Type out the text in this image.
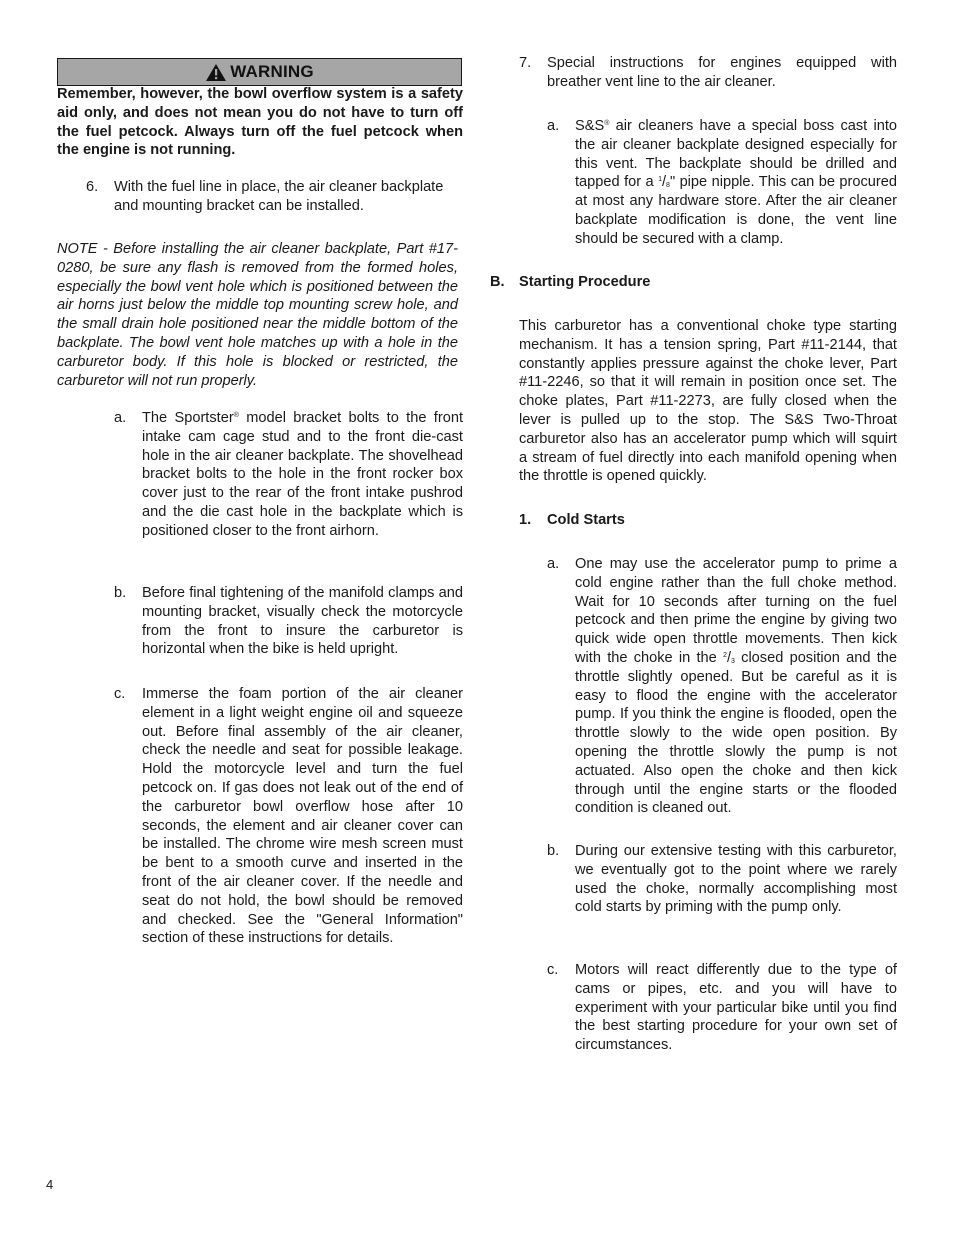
WARNING

Remember, however, the bowl overflow system is a safety aid only, and does not mean you do not have to turn off the fuel petcock. Always turn off the fuel petcock when the engine is not running.

6. With the fuel line in place, the air cleaner backplate and mounting bracket can be installed.

NOTE - Before installing the air cleaner backplate, Part #17-0280, be sure any flash is removed from the formed holes, especially the bowl vent hole which is positioned between the air horns just below the middle top mounting screw hole, and the small drain hole positioned near the middle bottom of the backplate. The bowl vent hole matches up with a hole in the carburetor body. If this hole is blocked or restricted, the carburetor will not run properly.

a. The Sportster® model bracket bolts to the front intake cam cage stud and to the front die-cast hole in the air cleaner backplate. The shovelhead bracket bolts to the hole in the front rocker box cover just to the rear of the front intake pushrod and the die cast hole in the backplate which is positioned closer to the front airhorn.

b. Before final tightening of the manifold clamps and mounting bracket, visually check the motorcycle from the front to insure the carburetor is horizontal when the bike is held upright.

c. Immerse the foam portion of the air cleaner element in a light weight engine oil and squeeze out. Before final assembly of the air cleaner, check the needle and seat for possible leakage. Hold the motorcycle level and turn the fuel petcock on. If gas does not leak out of the end of the carburetor bowl overflow hose after 10 seconds, the element and air cleaner cover can be installed. The chrome wire mesh screen must be bent to a smooth curve and inserted in the front of the air cleaner cover. If the needle and seat do not hold, the bowl should be removed and checked. See the "General Information" section of these instructions for details.

7. Special instructions for engines equipped with breather vent line to the air cleaner.

a. S&S® air cleaners have a special boss cast into the air cleaner backplate designed especially for this vent. The backplate should be drilled and tapped for a $^1/_8$" pipe nipple. This can be procured at most any hardware store. After the air cleaner backplate modification is done, the vent line should be secured with a clamp.

B. Starting Procedure

This carburetor has a conventional choke type starting mechanism. It has a tension spring, Part #11-2144, that constantly applies pressure against the choke lever, Part #11-2246, so that it will remain in position once set. The choke plates, Part #11-2273, are fully closed when the lever is pulled up to the stop. The S&S Two-Throat carburetor also has an accelerator pump which will squirt a stream of fuel directly into each manifold opening when the throttle is opened quickly.

1. Cold Starts
a. One may use the accelerator pump to prime a cold engine rather than the full choke method. Wait for 10 seconds after turning on the fuel petcock and then prime the engine by giving two quick wide open throttle movements. Then kick with the choke in the $^2/_3$ closed position and the throttle slightly opened. But be careful as it is easy to flood the engine with the accelerator pump. If you think the engine is flooded, open the throttle slowly to the wide open position. By opening the throttle slowly the pump is not actuated. Also open the choke and then kick through until the engine starts or the flooded condition is cleaned out.

b. During our extensive testing with this carburetor, we eventually got to the point where we rarely used the choke, normally accomplishing most cold starts by priming with the pump only.

c. Motors will react differently due to the type of cams or pipes, etc. and you will have to experiment with your particular bike until you find the best starting procedure for your own set of circumstances.

4
